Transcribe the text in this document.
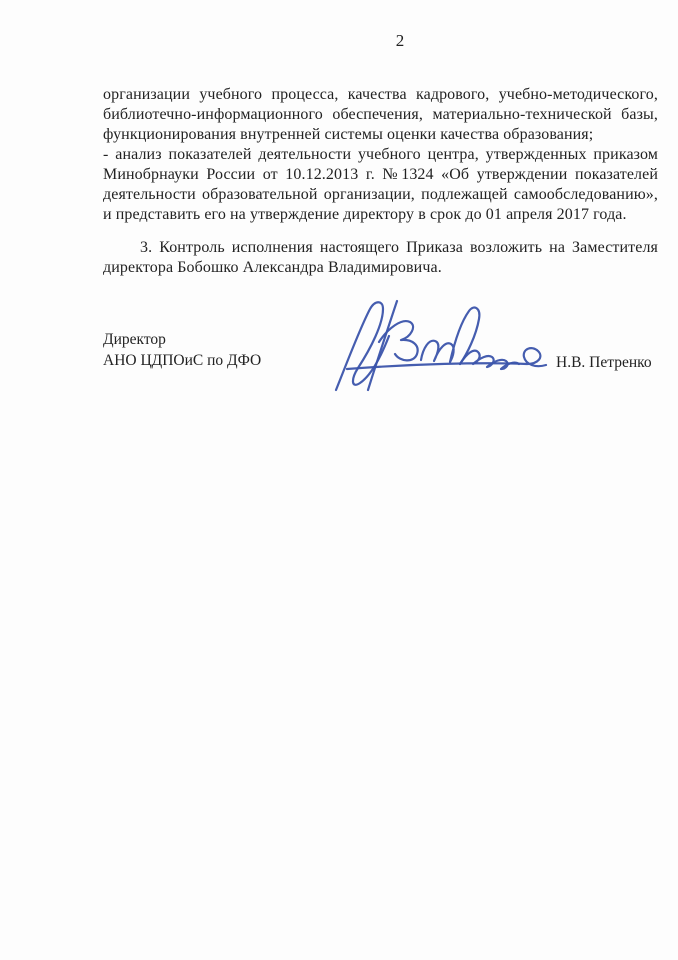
2

организации учебного процесса, качества кадрового, учебно-методического,

библиотечно-информационного обеспечения, материально-технической базы,

функционирования внутренней системы оценки качества образования;

- анализ показателей деятельности учебного центра, утвержденных приказом

Минобрнауки России от 10.12.2013 г. №1324 «Об утверждении показателей

деятельности образовательной организации, подлежащей самообследованию»,

и представить его на утверждение директору в срок до 01 апреля 2017 года.

3. Контроль исполнения настоящего Приказа возложить на Заместителя

директора Бобошко Александра Владимировича.

Директор
АНО ЦДПОиС по ДФО	Н.В. Петренко
